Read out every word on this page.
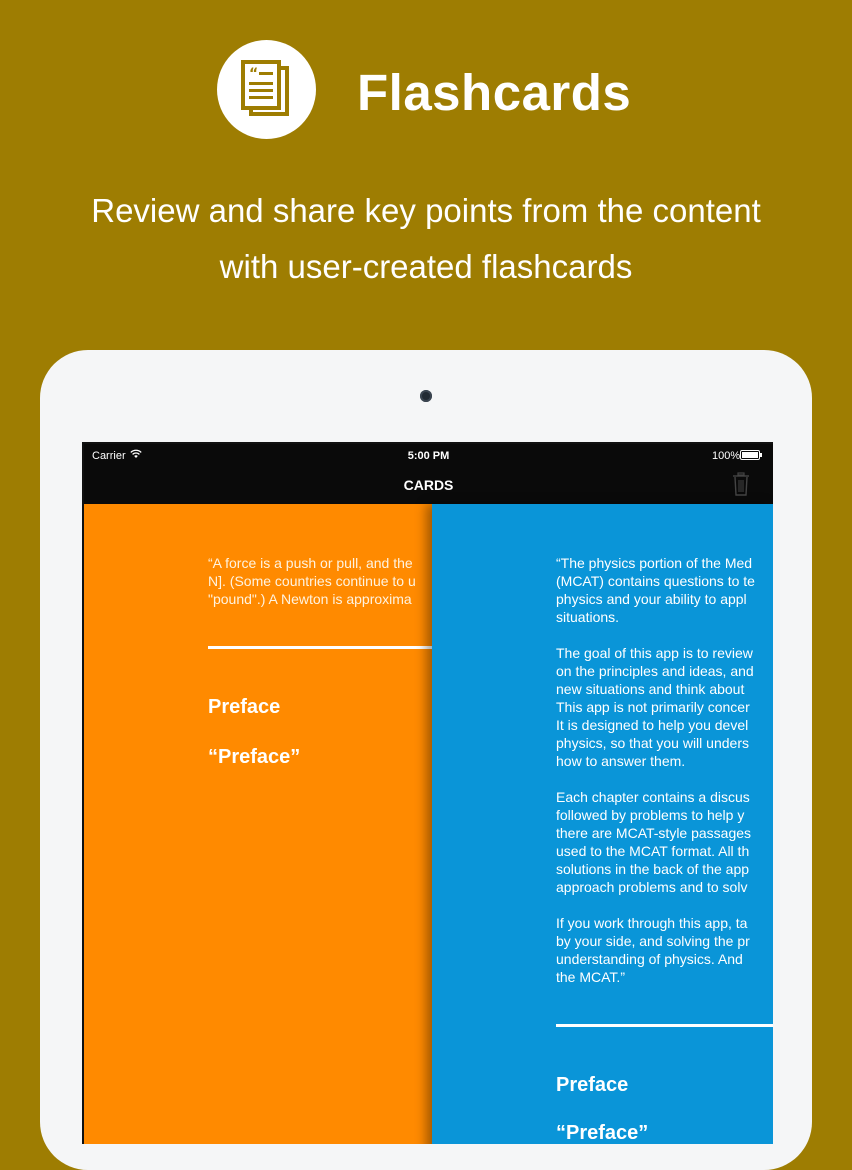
“ Flashcards
Review and share key points from the content
with user-created flashcards
Carrier	5:00 PM	100%
CARDS
“A force is a push or pull, and the
N]. (Some countries continue to u
"pound".) A Newton is approxima
Preface
“Preface”
“The physics portion of the Med
(MCAT) contains questions to te
physics and your ability to appl
situations.

The goal of this app is to review
on the principles and ideas, and
new situations and think about
This app is not primarily concer
It is designed to help you devel
physics, so that you will unders
how to answer them.

Each chapter contains a discus
followed by problems to help y
there are MCAT-style passages
used to the MCAT format. All th
solutions in the back of the app
approach problems and to solv

If you work through this app, ta
by your side, and solving the pr
understanding of physics. And
the MCAT.”
Preface
“Preface”
